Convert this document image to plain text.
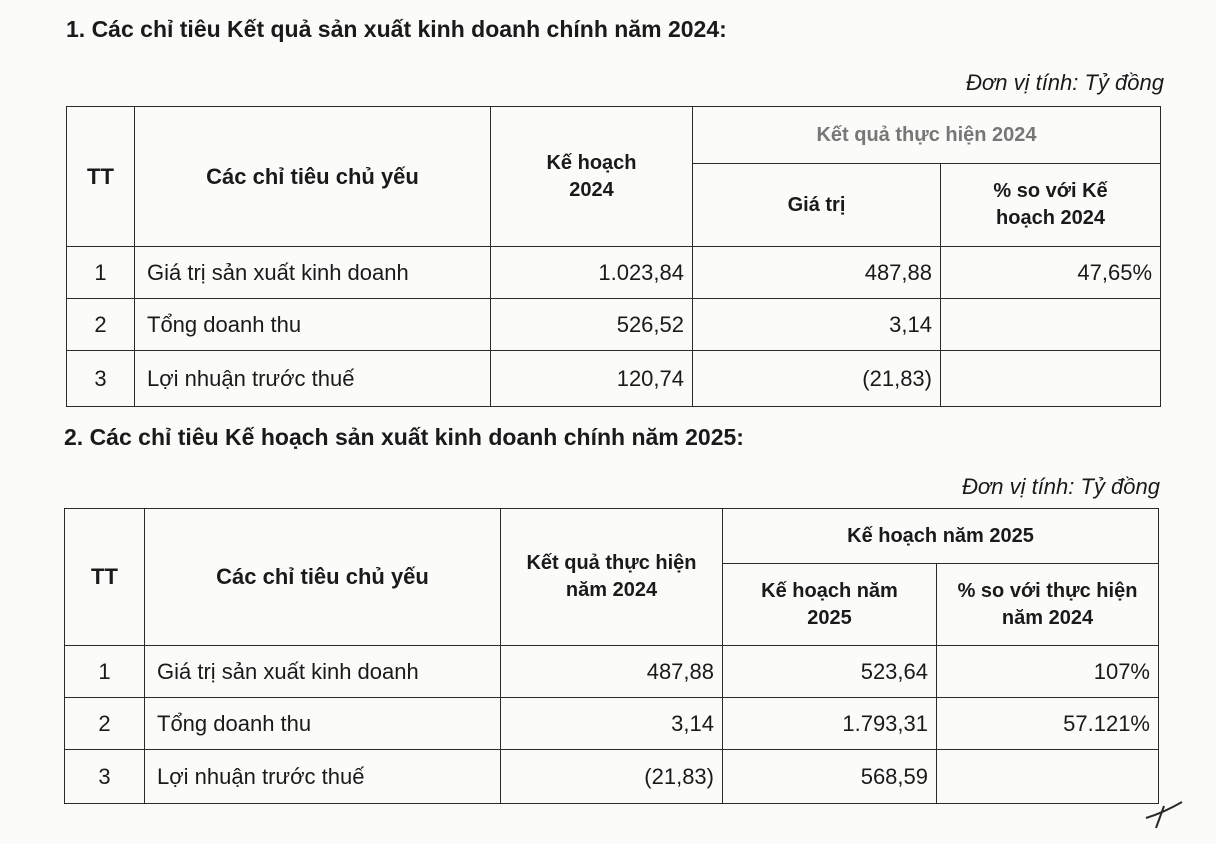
1. Các chỉ tiêu Kết quả sản xuất kinh doanh chính năm 2024:
Đơn vị tính: Tỷ đồng
TT	Các chỉ tiêu chủ yếu	Kế hoạch 2024	Kết quả thực hiện 2024	
			Giá trị	% so với Kế hoạch 2024
1	Giá trị sản xuất kinh doanh	1.023,84	487,88	47,65%
2	Tổng doanh thu	526,52	3,14	
3	Lợi nhuận trước thuế	120,74	(21,83)	
2. Các chỉ tiêu Kế hoạch sản xuất kinh doanh chính năm 2025:
Đơn vị tính: Tỷ đồng
TT	Các chỉ tiêu chủ yếu	Kết quả thực hiện năm 2024	Kế hoạch năm 2025	
			Kế hoạch năm 2025	% so với thực hiện năm 2024
1	Giá trị sản xuất kinh doanh	487,88	523,64	107%
2	Tổng doanh thu	3,14	1.793,31	57.121%
3	Lợi nhuận trước thuế	(21,83)	568,59	
